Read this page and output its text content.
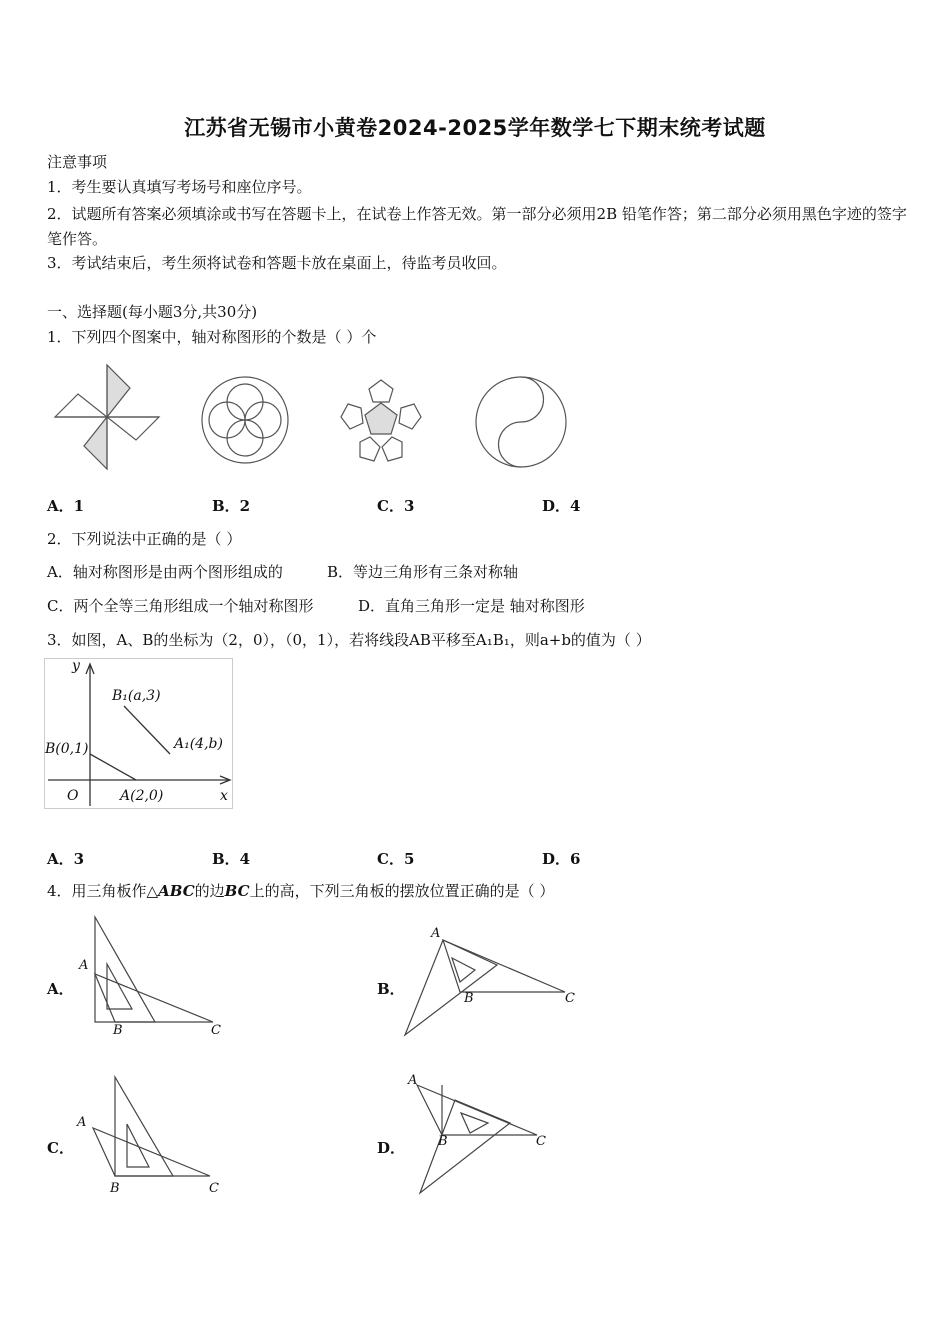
江苏省无锡市小黄卷2024-2025学年数学七下期末统考试题
注意事项
1．考生要认真填写考场号和座位序号。
2．试题所有答案必须填涂或书写在答题卡上，在试卷上作答无效。第一部分必须用2B 铅笔作答；第二部分必须用黑色字迹的签字笔作答。
3．考试结束后，考生须将试卷和答题卡放在桌面上，待监考员收回。
一、选择题(每小题3分,共30分)
1．下列四个图案中，轴对称图形的个数是（ ）个
A．1	B．2	C．3	D．4
2．下列说法中正确的是（ ）
A．轴对称图形是由两个图形组成的	B．等边三角形有三条对称轴
C．两个全等三角形组成一个轴对称图形	D．直角三角形一定是 轴对称图形
3．如图，A、B的坐标为（2，0），（0，1），若将线段AB平移至A₁B₁，则a+b的值为（ ）
y
x
O
B₁(a,3)
A₁(4,b)
B(0,1)
A(2,0)
A．3	B．4	C．5	D．6
4．用三角板作△ABC的边BC上的高，下列三角板的摆放位置正确的是（ ）
A．
A
B	C
B．
A
B	C
C．
A
B	C
D．
A
B	C
